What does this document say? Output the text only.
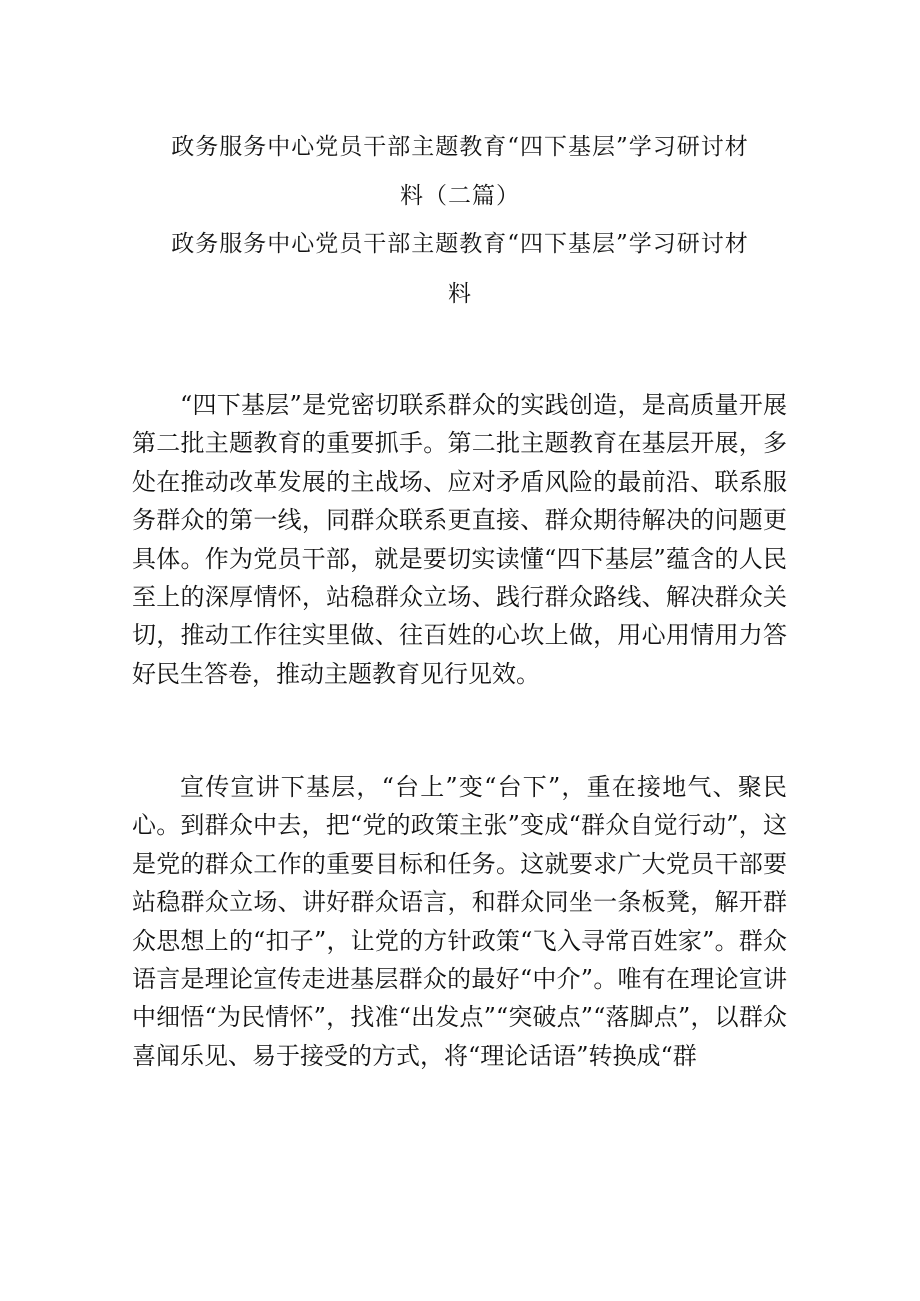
政务服务中心党员干部主题教育“四下基层”学习研讨材
料（二篇）
政务服务中心党员干部主题教育“四下基层”学习研讨材
料

“四下基层”是党密切联系群众的实践创造，是高质量开展第二批主题教育的重要抓手。第二批主题教育在基层开展，多处在推动改革发展的主战场、应对矛盾风险的最前沿、联系服务群众的第一线，同群众联系更直接、群众期待解决的问题更具体。作为党员干部，就是要切实读懂“四下基层”蕴含的人民至上的深厚情怀，站稳群众立场、践行群众路线、解决群众关切，推动工作往实里做、往百姓的心坎上做，用心用情用力答好民生答卷，推动主题教育见行见效。

宣传宣讲下基层，“台上”变“台下”，重在接地气、聚民心。到群众中去，把“党的政策主张”变成“群众自觉行动”，这是党的群众工作的重要目标和任务。这就要求广大党员干部要站稳群众立场、讲好群众语言，和群众同坐一条板凳，解开群众思想上的“扣子”，让党的方针政策“飞入寻常百姓家”。群众语言是理论宣传走进基层群众的最好“中介”。唯有在理论宣讲中细悟“为民情怀”，找准“出发点”“突破点”“落脚点”，以群众喜闻乐见、易于接受的方式，将“理论话语”转换成“群
